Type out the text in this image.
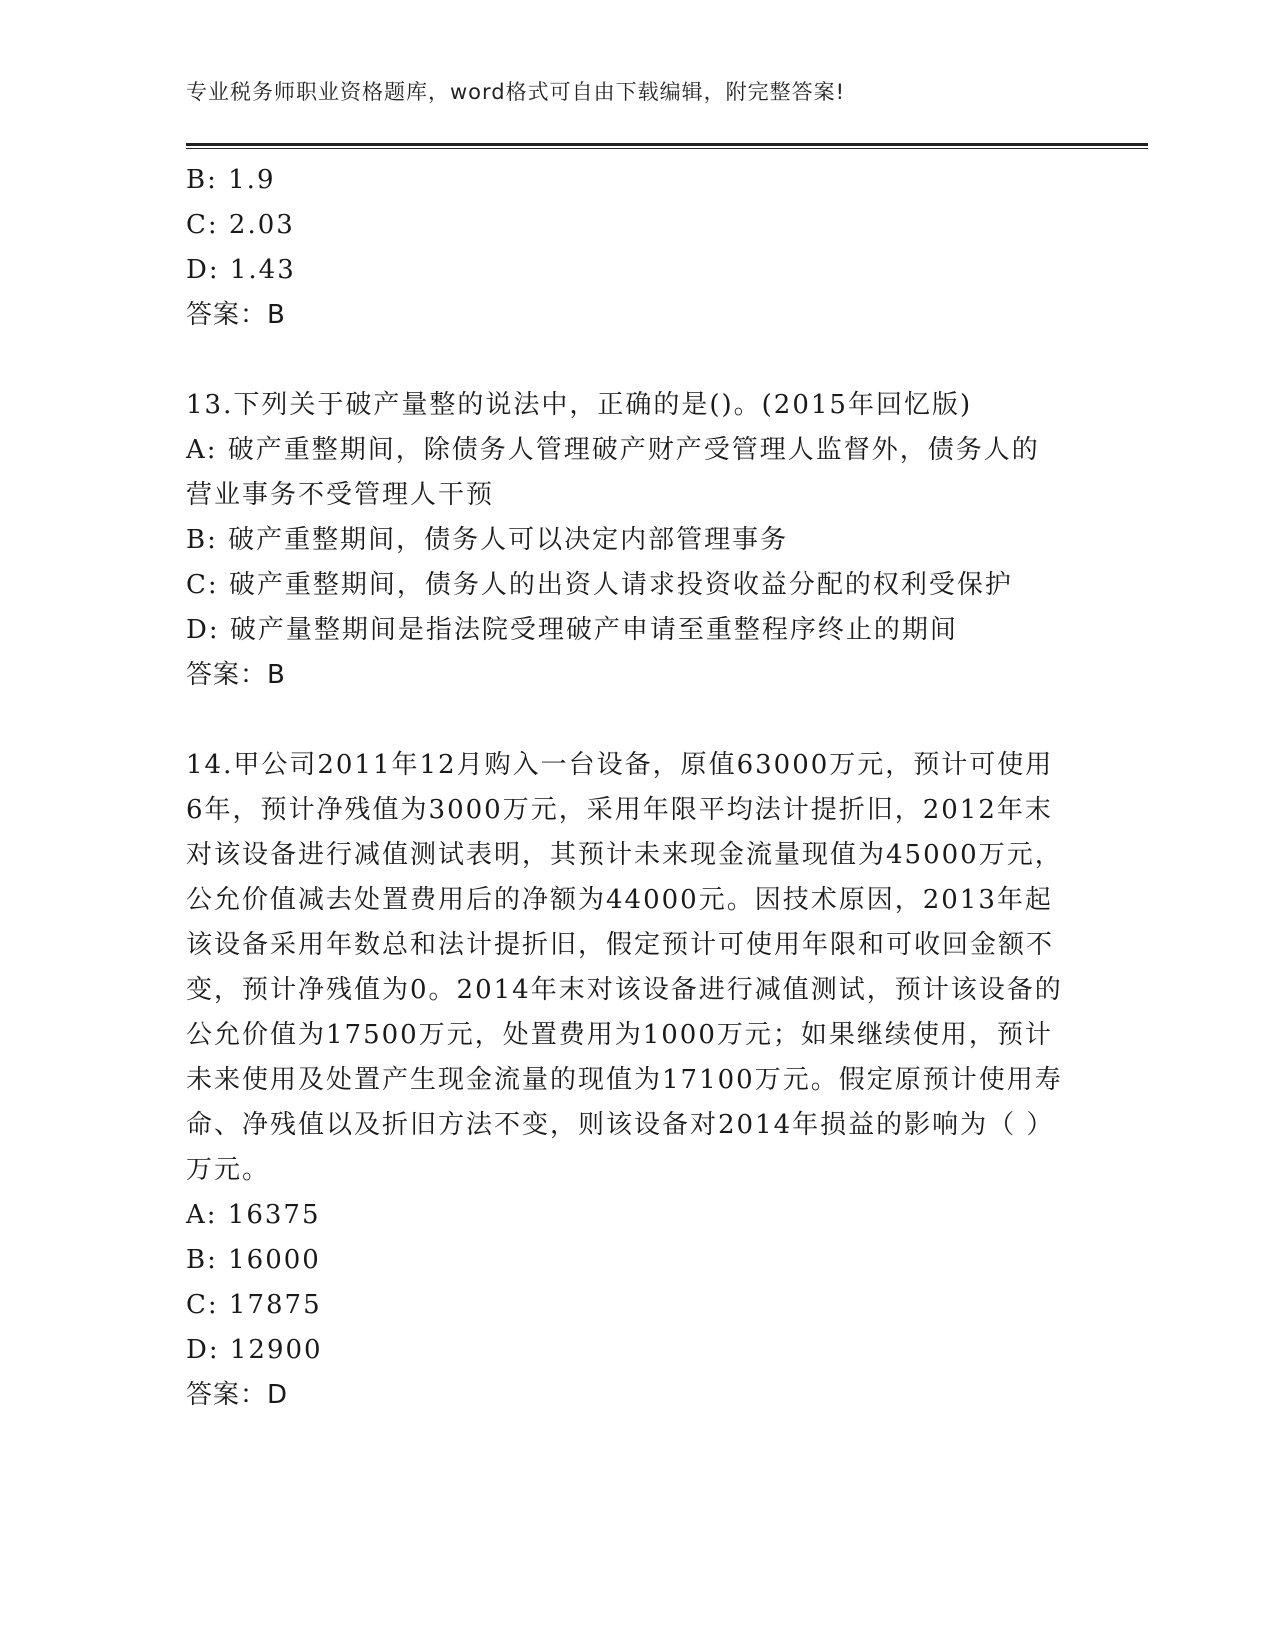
专业税务师职业资格题库，word格式可自由下载编辑，附完整答案!
B: 1.9
C: 2.03
D: 1.43
答案：B
13.下列关于破产量整的说法中，正确的是()。(2015年回忆版)
A: 破产重整期间，除债务人管理破产财产受管理人监督外，债务人的营业事务不受管理人干预
B: 破产重整期间，债务人可以决定内部管理事务
C: 破产重整期间，债务人的出资人请求投资收益分配的权利受保护
D: 破产量整期间是指法院受理破产申请至重整程序终止的期间
答案：B
14.甲公司2011年12月购入一台设备，原值63000万元，预计可使用6年，预计净残值为3000万元，采用年限平均法计提折旧，2012年末对该设备进行减值测试表明，其预计未来现金流量现值为45000万元，公允价值减去处置费用后的净额为44000元。因技术原因，2013年起该设备采用年数总和法计提折旧，假定预计可使用年限和可收回金额不变，预计净残值为0。2014年末对该设备进行减值测试，预计该设备的公允价值为17500万元，处置费用为1000万元；如果继续使用，预计未来使用及处置产生现金流量的现值为17100万元。假定原预计使用寿命、净残值以及折旧方法不变，则该设备对2014年损益的影响为（ ）万元。
A: 16375
B: 16000
C: 17875
D: 12900
答案：D
